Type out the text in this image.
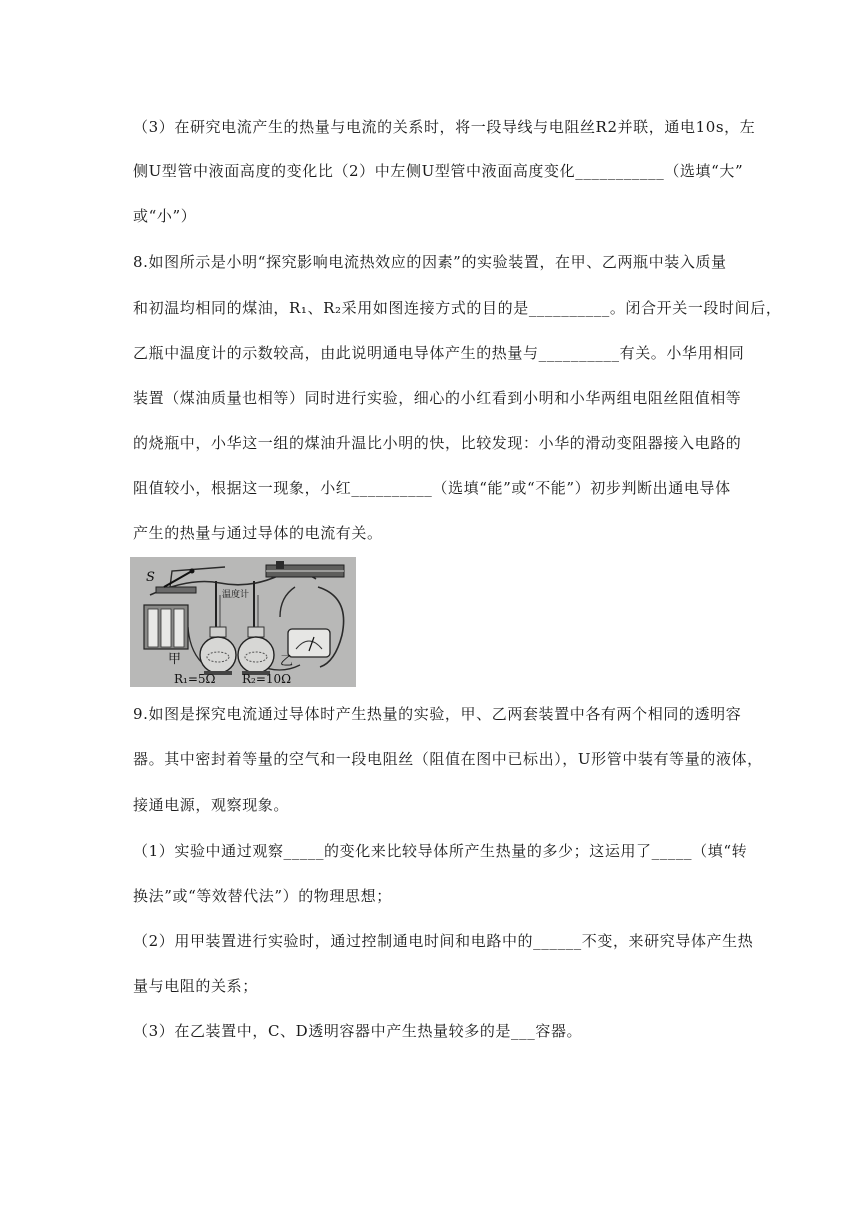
（3）在研究电流产生的热量与电流的关系时，将一段导线与电阻丝R2并联，通电10s，左
侧U型管中液面高度的变化比（2）中左侧U型管中液面高度变化___________（选填“大”
或“小”）
8.如图所示是小明“探究影响电流热效应的因素”的实验装置，在甲、乙两瓶中装入质量
和初温均相同的煤油，R₁、R₂采用如图连接方式的目的是__________。闭合开关一段时间后，
乙瓶中温度计的示数较高，由此说明通电导体产生的热量与__________有关。小华用相同
装置（煤油质量也相等）同时进行实验，细心的小红看到小明和小华两组电阻丝阻值相等
的烧瓶中，小华这一组的煤油升温比小明的快，比较发现：小华的滑动变阻器接入电路的
阻值较小，根据这一现象，小红__________（选填“能”或“不能”）初步判断出通电导体
产生的热量与通过导体的电流有关。
S
温度计
甲	乙
R₁=5Ω R₂=10Ω
9.如图是探究电流通过导体时产生热量的实验，甲、乙两套装置中各有两个相同的透明容
器。其中密封着等量的空气和一段电阻丝（阻值在图中已标出），U形管中装有等量的液体，
接通电源，观察现象。
（1）实验中通过观察_____的变化来比较导体所产生热量的多少；这运用了_____（填“转
换法”或“等效替代法”）的物理思想；
（2）用甲装置进行实验时，通过控制通电时间和电路中的______不变，来研究导体产生热
量与电阻的关系；
（3）在乙装置中，C、D透明容器中产生热量较多的是___容器。
